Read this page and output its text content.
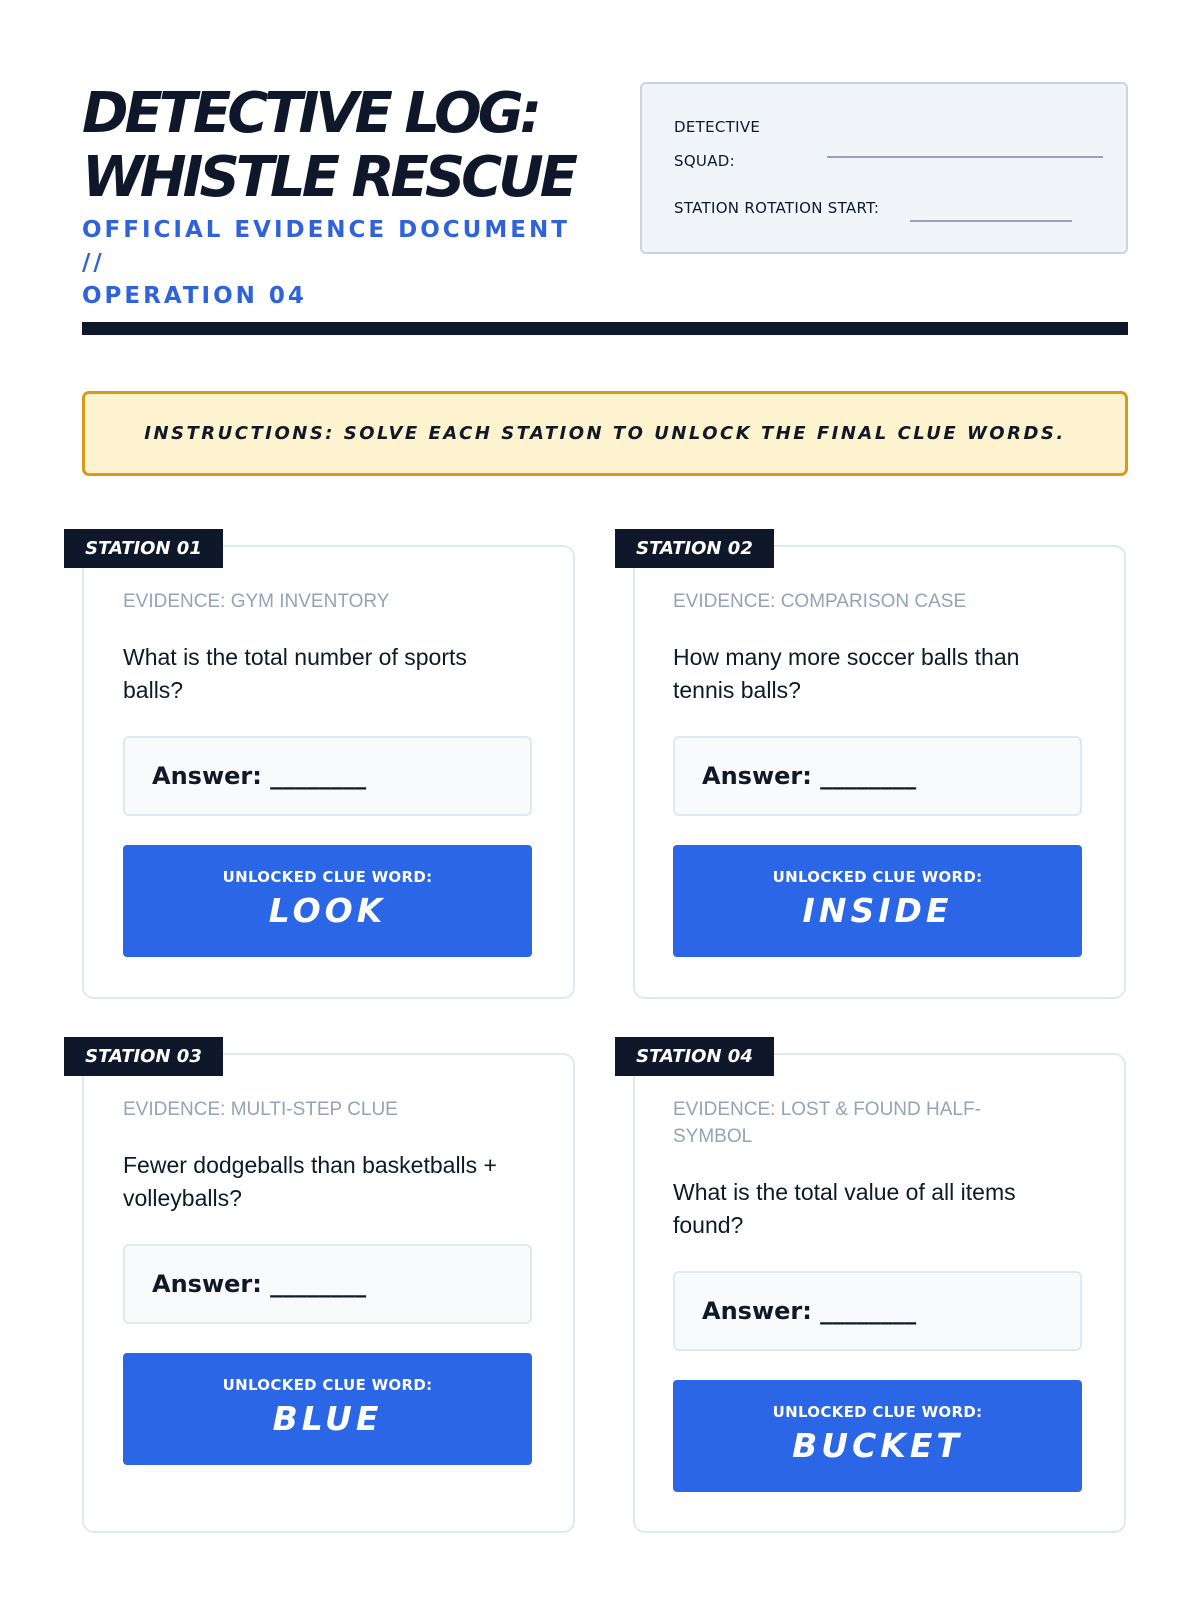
DETECTIVE LOG:
WHISTLE RESCUE
OFFICIAL EVIDENCE DOCUMENT //
OPERATION 04
DETECTIVE
SQUAD:
STATION ROTATION START:
INSTRUCTIONS: SOLVE EACH STATION TO UNLOCK THE FINAL CLUE WORDS.
STATION 01
EVIDENCE: GYM INVENTORY
What is the total number of sports balls?
Answer: ________
UNLOCKED CLUE WORD:
LOOK
STATION 02
EVIDENCE: COMPARISON CASE
How many more soccer balls than tennis balls?
Answer: ________
UNLOCKED CLUE WORD:
INSIDE
STATION 03
EVIDENCE: MULTI-STEP CLUE
Fewer dodgeballs than basketballs + volleyballs?
Answer: ________
UNLOCKED CLUE WORD:
BLUE
STATION 04
EVIDENCE: LOST & FOUND HALF-SYMBOL
What is the total value of all items found?
Answer: ________
UNLOCKED CLUE WORD:
BUCKET
